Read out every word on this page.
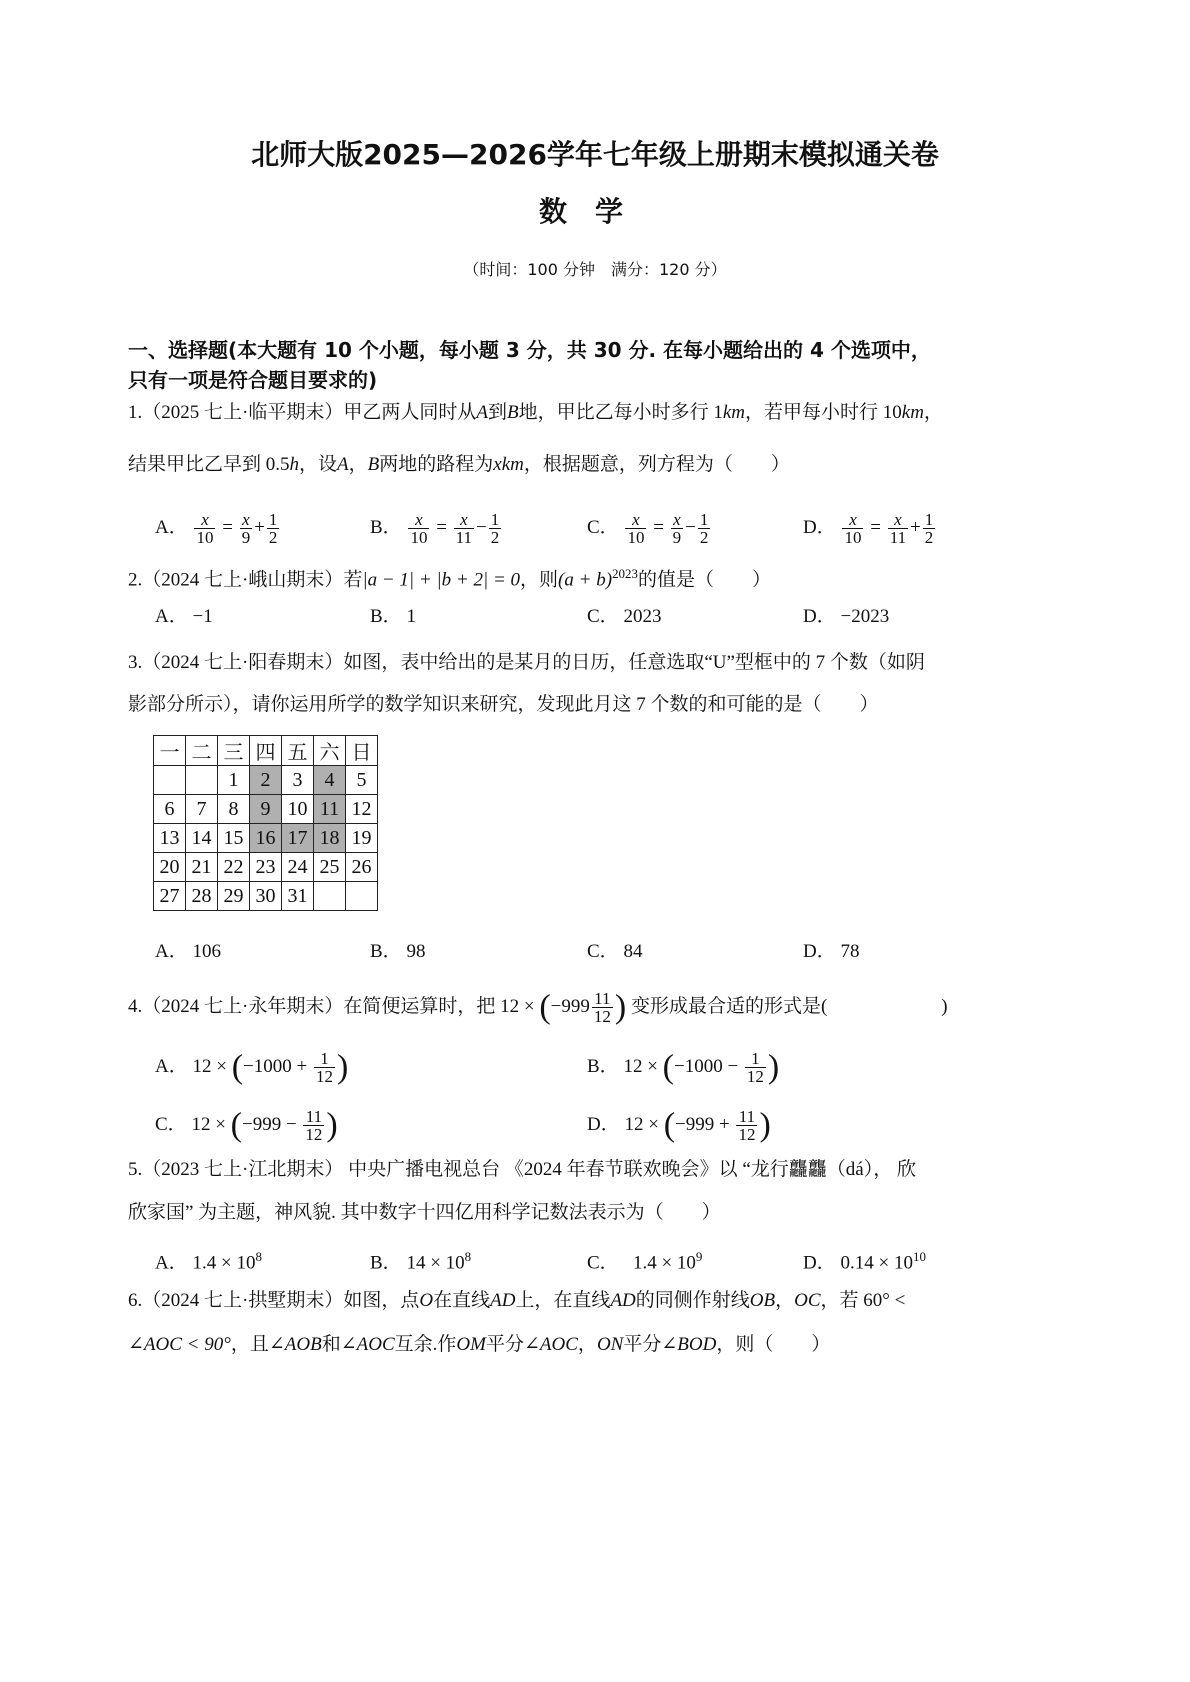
北师大版2025—2026学年七年级上册期末模拟通关卷
数学
（时间：100 分钟　满分：120 分）
一、选择题(本大题有 10 个小题，每小题 3 分，共 30 分. 在每小题给出的 4 个选项中，
只有一项是符合题目要求的)
1.（2025 七上·临平期末）甲乙两人同时从A到B地，甲比乙每小时多行 1km，若甲每小时行 10km，
结果甲比乙早到 0.5h，设A，B两地的路程为xkm，根据题意，列方程为（　　）
2.（2024 七上·峨山期末）若|a − 1| + |b + 2| = 0，则$(a + b)^{2023}$的值是（　　）
3.（2024 七上·阳春期末）如图，表中给出的是某月的日历，任意选取“U”型框中的 7 个数（如阴
影部分所示），请你运用所学的数学知识来研究，发现此月这 7 个数的和可能的是（　　）
一	二	三	四	五	六	日
		1	2	3	4	5
6	7	8	9	10	11	12
13	14	15	16	17	18	19
20	21	22	23	24	25	26
27	28	29	30	31		
4.（2024 七上·永年期末）在简便运算时，把 $12 \times (-999 \frac{11}{12}$ ) 变形成最合适的形式是(　　　　　　)
5.（2023 七上·江北期末） 中央广播电视总台 《2024 年春节联欢晚会》以 “龙行龘龘（dá）， 欣
欣家国” 为主题，神风貌. 其中数字十四亿用科学记数法表示为（　　）
6.（2024 七上·拱墅期末）如图，点O在直线AD上，在直线AD的同侧作射线OB，OC，若 60° <
∠AOC < 90°，且∠AOB和∠AOC互余.作OM平分∠AOC，ON平分∠BOD，则（　　）
A． $\frac{x}{10} = \frac{x}{9} + \frac{1}{2}$	B． $\frac{x}{10} = \frac{x}{11} - \frac{1}{2}$	C． $\frac{x}{10} = \frac{x}{9} - \frac{1}{2}$	D． $\frac{x}{10} = \frac{x}{11} + \frac{1}{2}$
A． −1	B． 1	C． 2023	D． −2023
A． 106	B． 98	C． 84	D． 78
A． $12 \times (-1000 + \frac{1}{12}$ )	B． $12 \times (-1000 - \frac{1}{12}$ )
C． $12 \times (-999 - \frac{11}{12}$ )	D． $12 \times (-999 + \frac{11}{12}$ )
A． $1.4 \times 10^8$	B． $14 \times 10^8$	C． $1.4 \times 10^9$	D． $0.14 \times 10^{10}$
